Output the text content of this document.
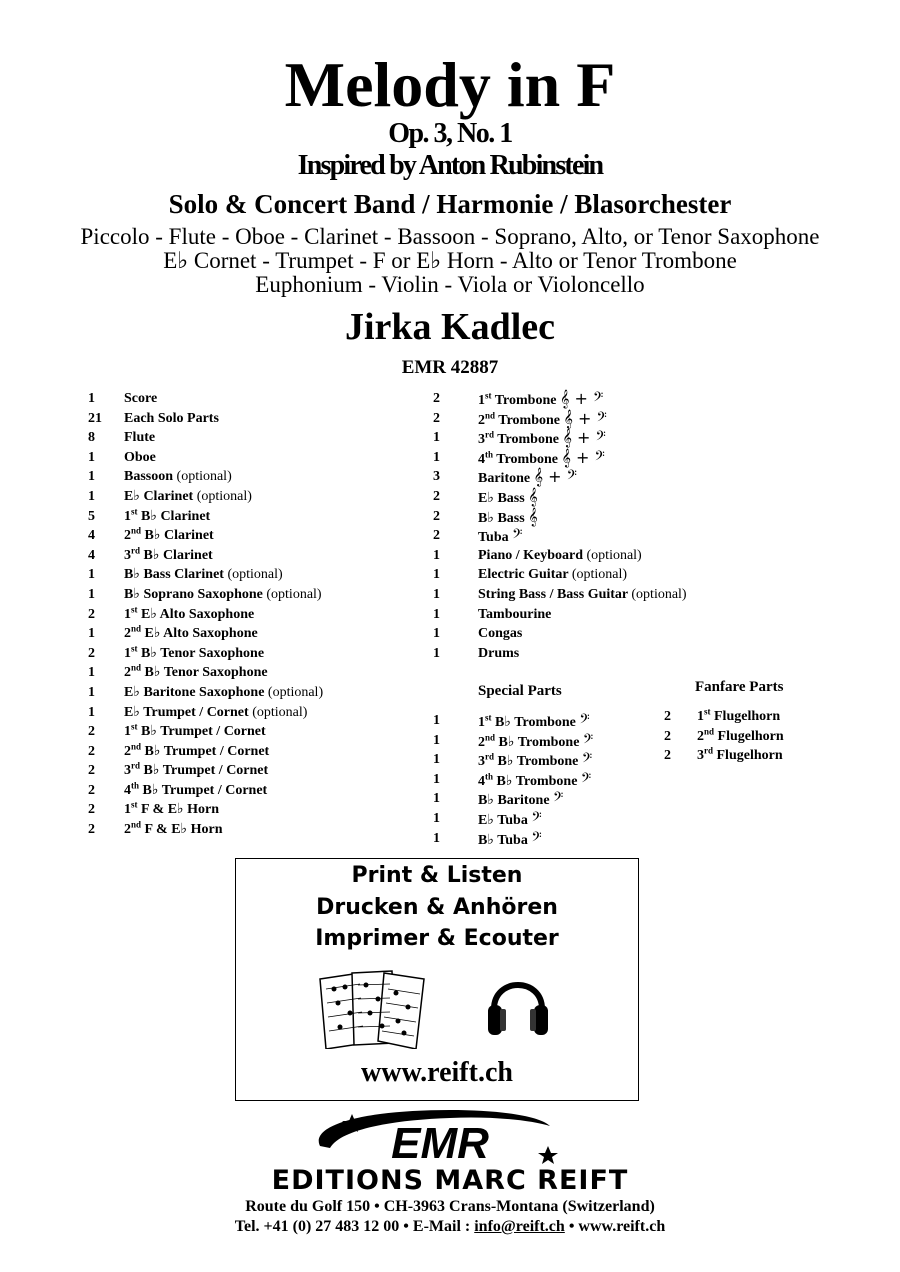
Melody in F
Op. 3, No. 1
Inspired by Anton Rubinstein
Solo & Concert Band / Harmonie / Blasorchester
Piccolo - Flute - Oboe - Clarinet - Bassoon - Soprano, Alto, or Tenor Saxophone
E♭ Cornet - Trumpet - F or E♭ Horn - Alto or Tenor Trombone
Euphonium - Violin - Viola or Violoncello
Jirka Kadlec
EMR 42887
1 Score
21 Each Solo Parts
8 Flute
1 Oboe
1 Bassoon (optional)
1 E♭ Clarinet (optional)
5 1st B♭ Clarinet
4 2nd B♭ Clarinet
4 3rd B♭ Clarinet
1 B♭ Bass Clarinet (optional)
1 B♭ Soprano Saxophone (optional)
2 1st E♭ Alto Saxophone
1 2nd E♭ Alto Saxophone
2 1st B♭ Tenor Saxophone
1 2nd B♭ Tenor Saxophone
1 E♭ Baritone Saxophone (optional)
1 E♭ Trumpet / Cornet (optional)
2 1st B♭ Trumpet / Cornet
2 2nd B♭ Trumpet / Cornet
2 3rd B♭ Trumpet / Cornet
2 4th B♭ Trumpet / Cornet
2 1st F & E♭ Horn
2 2nd F & E♭ Horn
2	1st Trombone 𝄞 + 𝄢
2	2nd Trombone 𝄞 + 𝄢
1	3rd Trombone 𝄞 + 𝄢
1	4th Trombone 𝄞 + 𝄢
3	Baritone 𝄞 + 𝄢
2	E♭ Bass 𝄞
2	B♭ Bass 𝄞
2	Tuba 𝄢
1	Piano / Keyboard (optional)
1	Electric Guitar (optional)
1	String Bass / Bass Guitar (optional)
1	Tambourine
1	Congas
1	Drums
Special Parts
1	1st B♭ Trombone 𝄢
1	2nd B♭ Trombone 𝄢
1	3rd B♭ Trombone 𝄢
1	4th B♭ Trombone 𝄢
1	B♭ Baritone 𝄢
1	E♭ Tuba 𝄢
1	B♭ Tuba 𝄢
Fanfare Parts
2 1st Flugelhorn
2 2nd Flugelhorn
2 3rd Flugelhorn
Print & Listen
Drucken & Anhören
Imprimer & Ecouter
www.reift.ch
EMR
EDITIONS MARC REIFT
Route du Golf 150 • CH-3963 Crans-Montana (Switzerland)
Tel. +41 (0) 27 483 12 00 • E-Mail : info@reift.ch • www.reift.ch
